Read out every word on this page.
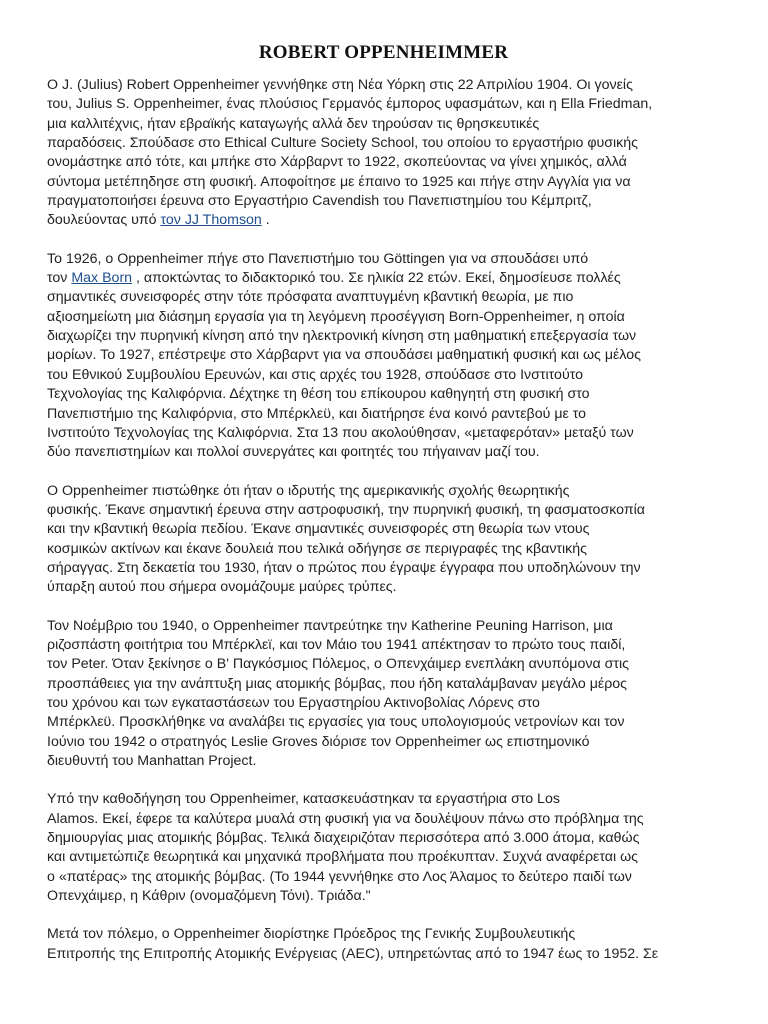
ROBERT OPPENHEIMMER

Ο J. (Julius) Robert Oppenheimer γεννήθηκε στη Νέα Υόρκη στις 22 Απριλίου 1904. Οι γονείς
του, Julius S. Oppenheimer, ένας πλούσιος Γερμανός έμπορος υφασμάτων, και η Ella Friedman,
μια καλλιτέχνις, ήταν εβραϊκής καταγωγής αλλά δεν τηρούσαν τις θρησκευτικές
παραδόσεις. Σπούδασε στο Ethical Culture Society School, του οποίου το εργαστήριο φυσικής
ονομάστηκε από τότε, και μπήκε στο Χάρβαρντ το 1922, σκοπεύοντας να γίνει χημικός, αλλά
σύντομα μετέπηδησε στη φυσική. Αποφοίτησε με έπαινο το 1925 και πήγε στην Αγγλία για να
πραγματοποιήσει έρευνα στο Εργαστήριο Cavendish του Πανεπιστημίου του Κέμπριτζ,
δουλεύοντας υπό τον JJ Thomson .

Το 1926, ο Oppenheimer πήγε στο Πανεπιστήμιο του Göttingen για να σπουδάσει υπό
τον Max Born , αποκτώντας το διδακτορικό του. Σε ηλικία 22 ετών. Εκεί, δημοσίευσε πολλές
σημαντικές συνεισφορές στην τότε πρόσφατα αναπτυγμένη κβαντική θεωρία, με πιο
αξιοσημείωτη μια διάσημη εργασία για τη λεγόμενη προσέγγιση Born-Oppenheimer, η οποία
διαχωρίζει την πυρηνική κίνηση από την ηλεκτρονική κίνηση στη μαθηματική επεξεργασία των
μορίων. Το 1927, επέστρεψε στο Χάρβαρντ για να σπουδάσει μαθηματική φυσική και ως μέλος
του Εθνικού Συμβουλίου Ερευνών, και στις αρχές του 1928, σπούδασε στο Ινστιτούτο
Τεχνολογίας της Καλιφόρνια. Δέχτηκε τη θέση του επίκουρου καθηγητή στη φυσική στο
Πανεπιστήμιο της Καλιφόρνια, στο Μπέρκλεϋ, και διατήρησε ένα κοινό ραντεβού με το
Ινστιτούτο Τεχνολογίας της Καλιφόρνια. Στα 13 που ακολούθησαν, «μεταφερόταν» μεταξύ των
δύο πανεπιστημίων και πολλοί συνεργάτες και φοιτητές του πήγαιναν μαζί του.

Ο Oppenheimer πιστώθηκε ότι ήταν ο ιδρυτής της αμερικανικής σχολής θεωρητικής
φυσικής. Έκανε σημαντική έρευνα στην αστροφυσική, την πυρηνική φυσική, τη φασματοσκοπία
και την κβαντική θεωρία πεδίου. Έκανε σημαντικές συνεισφορές στη θεωρία των ντους
κοσμικών ακτίνων και έκανε δουλειά που τελικά οδήγησε σε περιγραφές της κβαντικής
σήραγγας. Στη δεκαετία του 1930, ήταν ο πρώτος που έγραψε έγγραφα που υποδηλώνουν την
ύπαρξη αυτού που σήμερα ονομάζουμε μαύρες τρύπες.

Τον Νοέμβριο του 1940, ο Oppenheimer παντρεύτηκε την Katherine Peuning Harrison, μια
ριζοσπάστη φοιτήτρια του Μπέρκλεϊ, και τον Μάιο του 1941 απέκτησαν το πρώτο τους παιδί,
τον Peter. Όταν ξεκίνησε ο Β' Παγκόσμιος Πόλεμος, ο Οπενχάιμερ ενεπλάκη ανυπόμονα στις
προσπάθειες για την ανάπτυξη μιας ατομικής βόμβας, που ήδη καταλάμβαναν μεγάλο μέρος
του χρόνου και των εγκαταστάσεων του Εργαστηρίου Ακτινοβολίας Λόρενς στο
Μπέρκλεϋ. Προσκλήθηκε να αναλάβει τις εργασίες για τους υπολογισμούς νετρονίων και τον
Ιούνιο του 1942 ο στρατηγός Leslie Groves διόρισε τον Oppenheimer ως επιστημονικό
διευθυντή του Manhattan Project.

Υπό την καθοδήγηση του Oppenheimer, κατασκευάστηκαν τα εργαστήρια στο Los
Alamos. Εκεί, έφερε τα καλύτερα μυαλά στη φυσική για να δουλέψουν πάνω στο πρόβλημα της
δημιουργίας μιας ατομικής βόμβας. Τελικά διαχειριζόταν περισσότερα από 3.000 άτομα, καθώς
και αντιμετώπιζε θεωρητικά και μηχανικά προβλήματα που προέκυπταν. Συχνά αναφέρεται ως
ο «πατέρας» της ατομικής βόμβας. (Το 1944 γεννήθηκε στο Λος Άλαμος το δεύτερο παιδί των
Οπενχάιμερ, η Κάθριν (ονομαζόμενη Τόνι). Τριάδα."

Μετά τον πόλεμο, ο Oppenheimer διορίστηκε Πρόεδρος της Γενικής Συμβουλευτικής
Επιτροπής της Επιτροπής Ατομικής Ενέργειας (AEC), υπηρετώντας από το 1947 έως το 1952. Σε
